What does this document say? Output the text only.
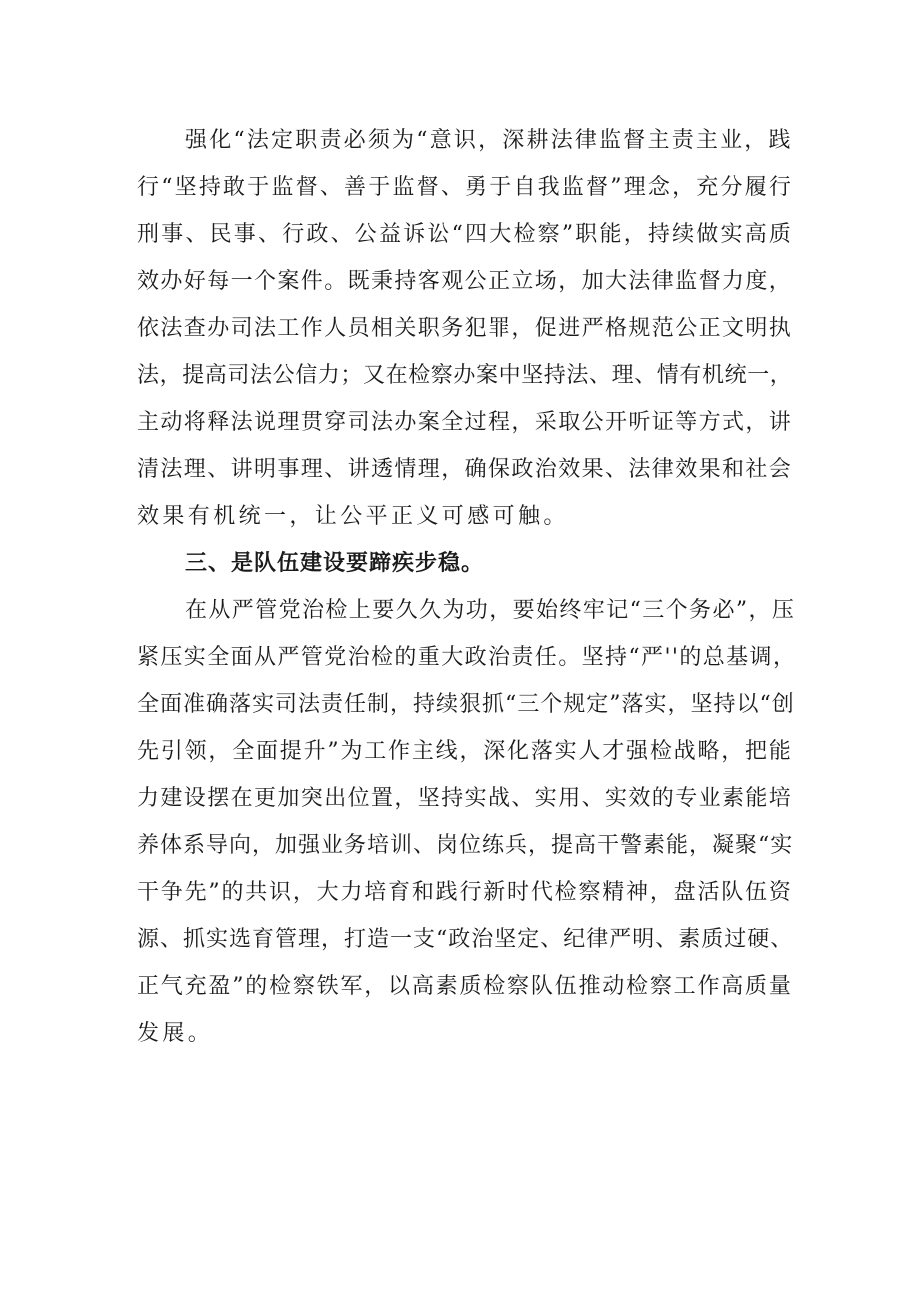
强化“法定职责必须为“意识，深耕法律监督主责主业，践
行“坚持敢于监督、善于监督、勇于自我监督”理念，充分履行
刑事、民事、行政、公益诉讼“四大检察”职能，持续做实高质
效办好每一个案件。既秉持客观公正立场，加大法律监督力度，
依法查办司法工作人员相关职务犯罪，促进严格规范公正文明执
法，提高司法公信力；又在检察办案中坚持法、理、情有机统一，
主动将释法说理贯穿司法办案全过程，采取公开听证等方式，讲
清法理、讲明事理、讲透情理，确保政治效果、法律效果和社会
效果有机统一，让公平正义可感可触。
三、是队伍建设要蹄疾步稳。
在从严管党治检上要久久为功，要始终牢记“三个务必”，压
紧压实全面从严管党治检的重大政治责任。坚持“严''的总基调，
全面准确落实司法责任制，持续狠抓“三个规定”落实，坚持以“创
先引领，全面提升”为工作主线，深化落实人才强检战略，把能
力建设摆在更加突出位置，坚持实战、实用、实效的专业素能培
养体系导向，加强业务培训、岗位练兵，提高干警素能，凝聚“实
干争先”的共识，大力培育和践行新时代检察精神，盘活队伍资
源、抓实选育管理，打造一支“政治坚定、纪律严明、素质过硬、
正气充盈”的检察铁军，以高素质检察队伍推动检察工作高质量
发展。
